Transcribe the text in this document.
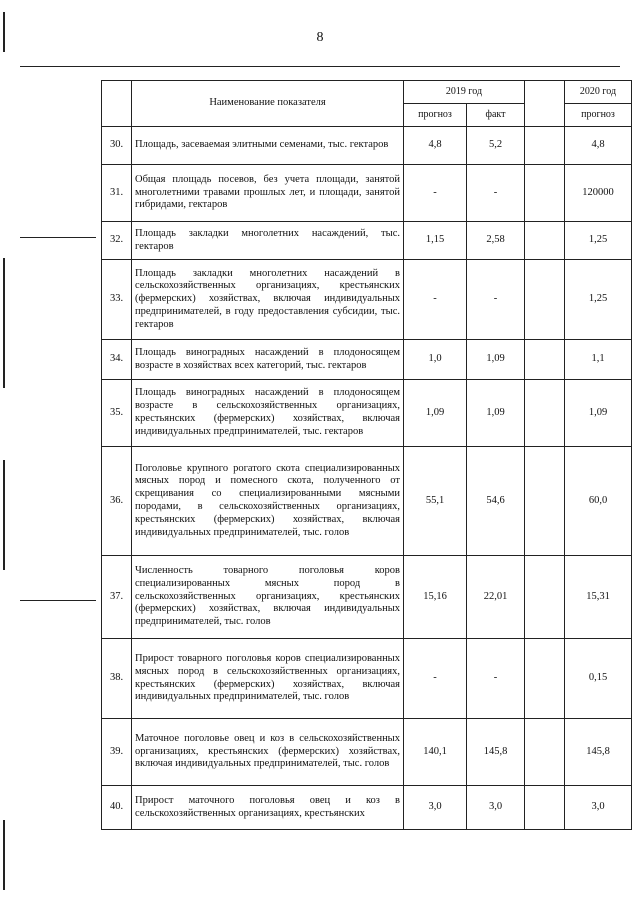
8
	Наименование показателя	2019 год			2020 год
		прогноз	факт		прогноз
30.	Площадь, засеваемая элитными семенами, тыс. гектаров	4,8	5,2		4,8
31.	Общая площадь посевов, без учета площади, занятой многолетними травами прошлых лет, и площади, занятой гибридами, гектаров	-	-		120000
32.	Площадь закладки многолетних насаждений, тыс. гектаров	1,15	2,58		1,25
33.	Площадь закладки многолетних насаждений в сельскохозяйственных организациях, крестьянских (фермерских) хозяйствах, включая индивидуальных предпринимателей, в году предоставления субсидии, тыс. гектаров	-	-		1,25
34.	Площадь виноградных насаждений в плодоносящем возрасте в хозяйствах всех категорий, тыс. гектаров	1,0	1,09		1,1
35.	Площадь виноградных насаждений в плодоносящем возрасте в сельскохозяйственных организациях, крестьянских (фермерских) хозяйствах, включая индивидуальных предпринимателей, тыс. гектаров	1,09	1,09		1,09
36.	Поголовье крупного рогатого скота специализированных мясных пород и помесного скота, полученного от скрещивания со специализированными мясными породами, в сельскохозяйственных организациях, крестьянских (фермерских) хозяйствах, включая индивидуальных предпринимателей, тыс. голов	55,1	54,6		60,0
37.	Численность товарного поголовья коров специализированных мясных пород в сельскохозяйственных организациях, крестьянских (фермерских) хозяйствах, включая индивидуальных предпринимателей, тыс. голов	15,16	22,01		15,31
38.	Прирост товарного поголовья коров специализированных мясных пород в сельскохозяйственных организациях, крестьянских (фермерских) хозяйствах, включая индивидуальных предпринимателей, тыс. голов	-	-		0,15
39.	Маточное поголовье овец и коз в сельскохозяйственных организациях, крестьянских (фермерских) хозяйствах, включая индивидуальных предпринимателей, тыс. голов	140,1	145,8		145,8
40.	Прирост маточного поголовья овец и коз в сельскохозяйственных организациях, крестьянских	3,0	3,0		3,0
